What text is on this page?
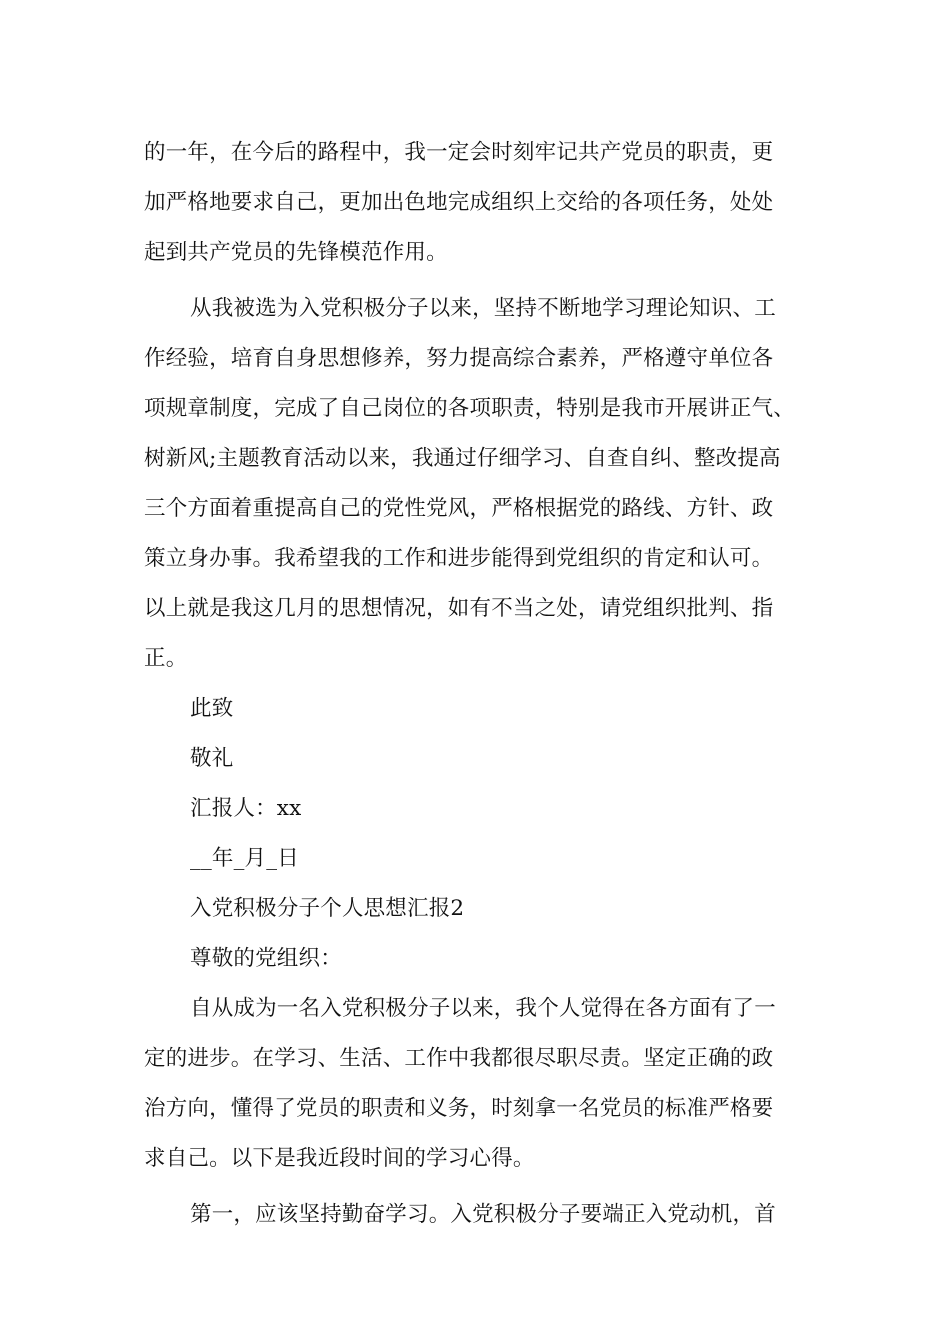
的一年，在今后的路程中，我一定会时刻牢记共产党员的职责，更
加严格地要求自己，更加出色地完成组织上交给的各项任务，处处
起到共产党员的先锋模范作用。
从我被选为入党积极分子以来，坚持不断地学习理论知识、工
作经验，培育自身思想修养，努力提高综合素养，严格遵守单位各
项规章制度，完成了自己岗位的各项职责，特别是我市开展讲正气、
树新风;主题教育活动以来，我通过仔细学习、自查自纠、整改提高
三个方面着重提高自己的党性党风，严格根据党的路线、方针、政
策立身办事。我希望我的工作和进步能得到党组织的肯定和认可。
以上就是我这几月的思想情况，如有不当之处，请党组织批判、指
正。
此致
敬礼
汇报人：xx
__年_月_日
入党积极分子个人思想汇报2
尊敬的党组织：
自从成为一名入党积极分子以来，我个人觉得在各方面有了一
定的进步。在学习、生活、工作中我都很尽职尽责。坚定正确的政
治方向，懂得了党员的职责和义务，时刻拿一名党员的标准严格要
求自己。以下是我近段时间的学习心得。
第一，应该坚持勤奋学习。入党积极分子要端正入党动机，首
